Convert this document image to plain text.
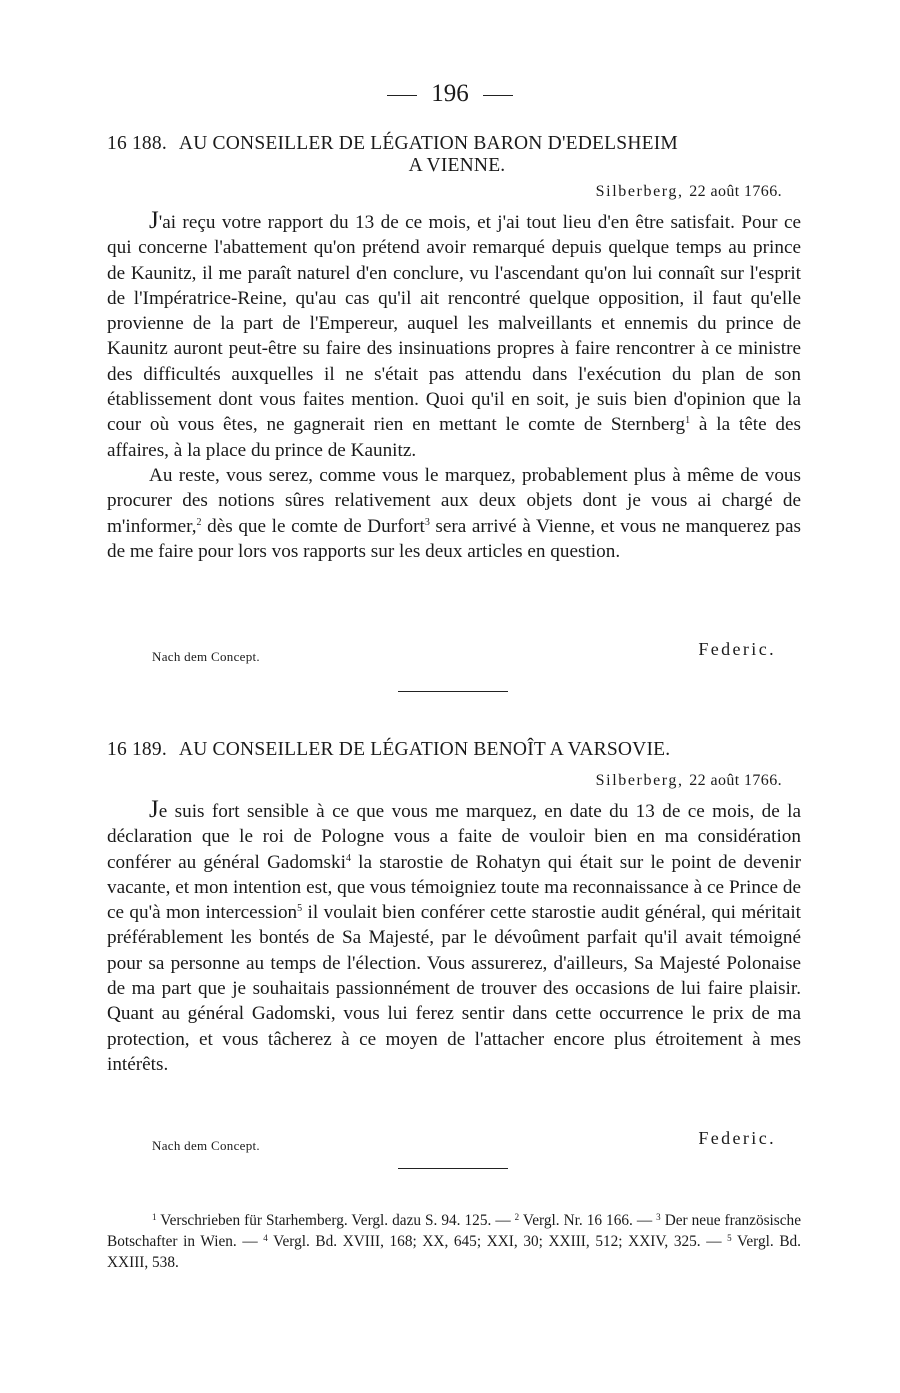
196
16 188. AU CONSEILLER DE LÉGATION BARON D'EDELSHEIM
A VIENNE.
Silberberg, 22 août 1766.

J'ai reçu votre rapport du 13 de ce mois, et j'ai tout lieu d'en être satisfait. Pour ce qui concerne l'abattement qu'on prétend avoir remarqué depuis quelque temps au prince de Kaunitz, il me paraît naturel d'en conclure, vu l'ascendant qu'on lui connaît sur l'esprit de l'Impératrice-Reine, qu'au cas qu'il ait rencontré quelque opposition, il faut qu'elle provienne de la part de l'Empereur, auquel les malveillants et ennemis du prince de Kaunitz auront peut-être su faire des insinuations propres à faire rencontrer à ce ministre des difficultés auxquelles il ne s'était pas attendu dans l'exécution du plan de son établissement dont vous faites mention. Quoi qu'il en soit, je suis bien d'opinion que la cour où vous êtes, ne gagnerait rien en mettant le comte de Sternberg$^1$ à la tête des affaires, à la place du prince de Kaunitz.

Au reste, vous serez, comme vous le marquez, probablement plus à même de vous procurer des notions sûres relativement aux deux objets dont je vous ai chargé de m'informer,$^2$ dès que le comte de Durfort$^3$ sera arrivé à Vienne, et vous ne manquerez pas de me faire pour lors vos rapports sur les deux articles en question.

Nach dem Concept.	Federic.
16 189. AU CONSEILLER DE LÉGATION BENOÎT A VARSOVIE.
Silberberg, 22 août 1766.

Je suis fort sensible à ce que vous me marquez, en date du 13 de ce mois, de la déclaration que le roi de Pologne vous a faite de vouloir bien en ma considération conférer au général Gadomski$^4$ la starostie de Rohatyn qui était sur le point de devenir vacante, et mon intention est, que vous témoigniez toute ma reconnaissance à ce Prince de ce qu'à mon intercession$^5$ il voulait bien conférer cette starostie audit général, qui méritait préférablement les bontés de Sa Majesté, par le dévoûment parfait qu'il avait témoigné pour sa personne au temps de l'élection. Vous assurerez, d'ailleurs, Sa Majesté Polonaise de ma part que je souhaitais passionnément de trouver des occasions de lui faire plaisir. Quant au général Gadomski, vous lui ferez sentir dans cette occurrence le prix de ma protection, et vous tâcherez à ce moyen de l'attacher encore plus étroitement à mes intérêts.

Nach dem Concept.	Federic.
$^1$ Verschrieben für Starhemberg. Vergl. dazu S. 94. 125. — $^2$ Vergl. Nr. 16 166. — $^3$ Der neue französische Botschafter in Wien. — $^4$ Vergl. Bd. XVIII, 168; XX, 645; XXI, 30; XXIII, 512; XXIV, 325. — $^5$ Vergl. Bd. XXIII, 538.
